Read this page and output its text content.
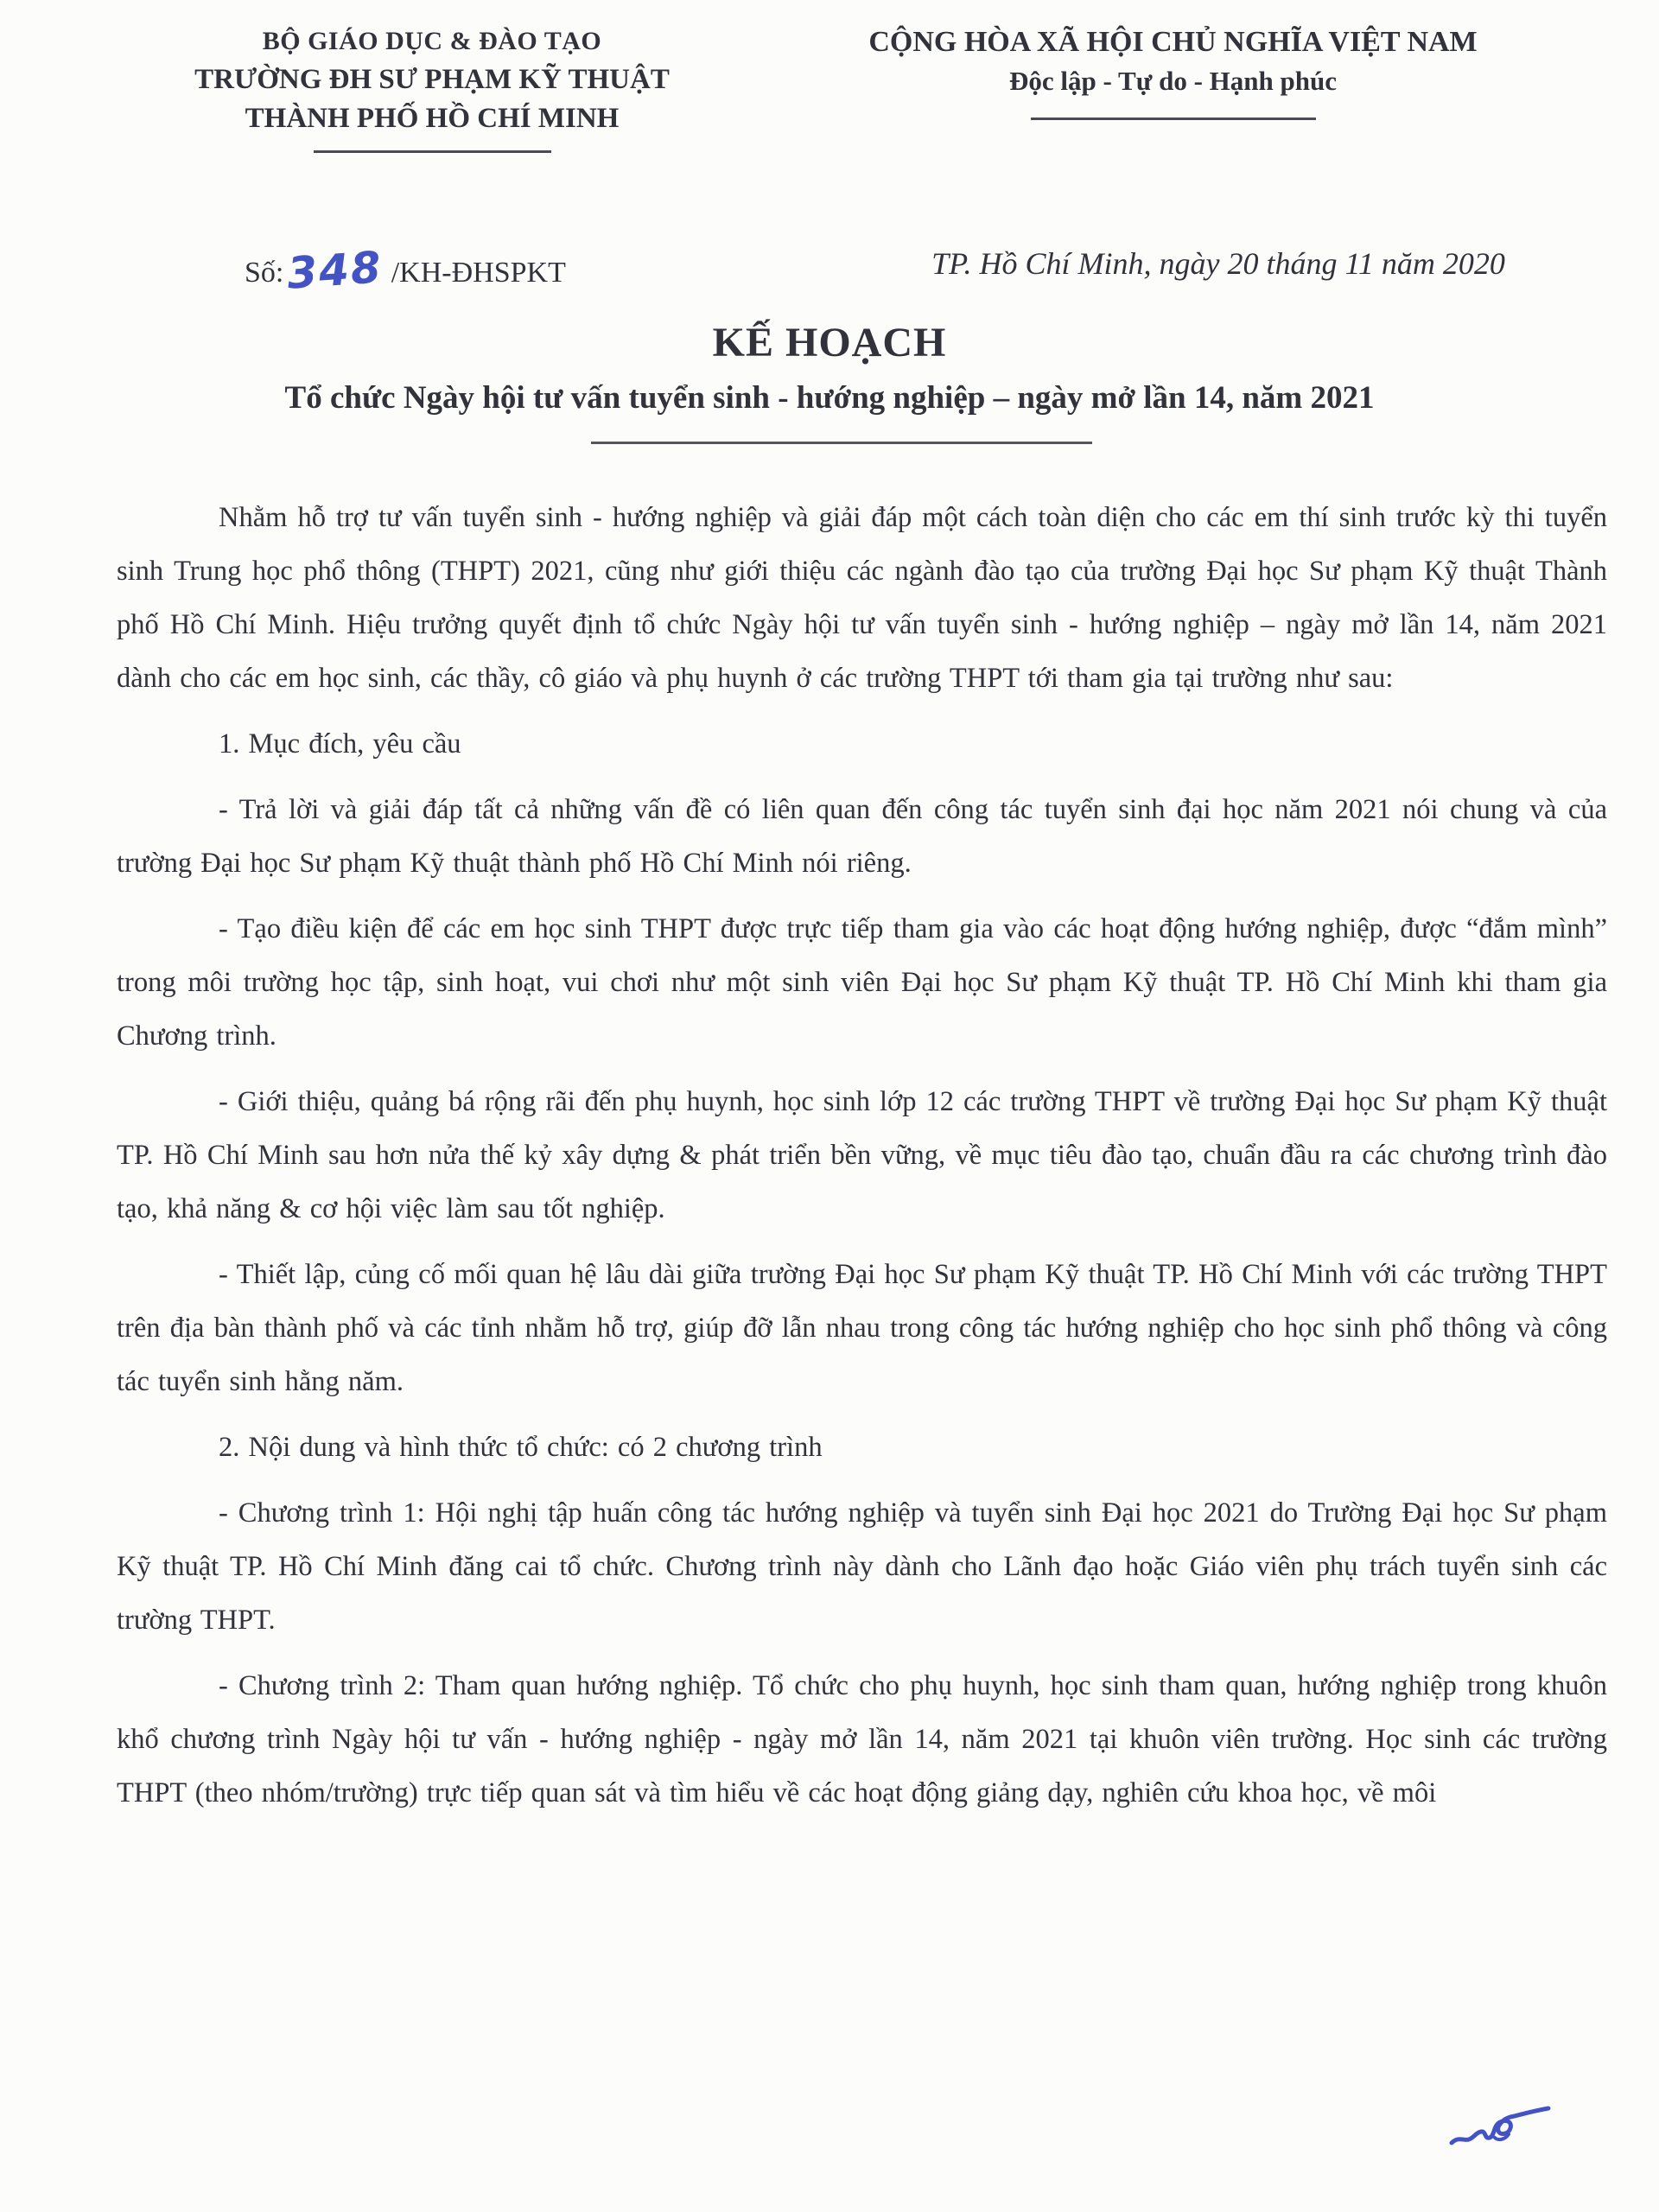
BỘ GIÁO DỤC & ĐÀO TẠO
TRƯỜNG ĐH SƯ PHẠM KỸ THUẬT
THÀNH PHỐ HỒ CHÍ MINH
CỘNG HÒA XÃ HỘI CHỦ NGHĨA VIỆT NAM
Độc lập - Tự do - Hạnh phúc
Số:348 /KH-ĐHSPKT	TP. Hồ Chí Minh, ngày 20 tháng 11 năm 2020
KẾ HOẠCH
Tổ chức Ngày hội tư vấn tuyển sinh - hướng nghiệp – ngày mở lần 14, năm 2021

Nhằm hỗ trợ tư vấn tuyển sinh - hướng nghiệp và giải đáp một cách toàn diện cho các em thí sinh trước kỳ thi tuyển sinh Trung học phổ thông (THPT) 2021, cũng như giới thiệu các ngành đào tạo của trường Đại học Sư phạm Kỹ thuật Thành phố Hồ Chí Minh. Hiệu trưởng quyết định tổ chức Ngày hội tư vấn tuyển sinh - hướng nghiệp – ngày mở lần 14, năm 2021 dành cho các em học sinh, các thầy, cô giáo và phụ huynh ở các trường THPT tới tham gia tại trường như sau:

1. Mục đích, yêu cầu

- Trả lời và giải đáp tất cả những vấn đề có liên quan đến công tác tuyển sinh đại học năm 2021 nói chung và của trường Đại học Sư phạm Kỹ thuật thành phố Hồ Chí Minh nói riêng.

- Tạo điều kiện để các em học sinh THPT được trực tiếp tham gia vào các hoạt động hướng nghiệp, được “đắm mình” trong môi trường học tập, sinh hoạt, vui chơi như một sinh viên Đại học Sư phạm Kỹ thuật TP. Hồ Chí Minh khi tham gia Chương trình.

- Giới thiệu, quảng bá rộng rãi đến phụ huynh, học sinh lớp 12 các trường THPT về trường Đại học Sư phạm Kỹ thuật TP. Hồ Chí Minh sau hơn nửa thế kỷ xây dựng & phát triển bền vững, về mục tiêu đào tạo, chuẩn đầu ra các chương trình đào tạo, khả năng & cơ hội việc làm sau tốt nghiệp.

- Thiết lập, củng cố mối quan hệ lâu dài giữa trường Đại học Sư phạm Kỹ thuật TP. Hồ Chí Minh với các trường THPT trên địa bàn thành phố và các tỉnh nhằm hỗ trợ, giúp đỡ lẫn nhau trong công tác hướng nghiệp cho học sinh phổ thông và công tác tuyển sinh hằng năm.

2. Nội dung và hình thức tổ chức: có 2 chương trình

- Chương trình 1: Hội nghị tập huấn công tác hướng nghiệp và tuyển sinh Đại học 2021 do Trường Đại học Sư phạm Kỹ thuật TP. Hồ Chí Minh đăng cai tổ chức. Chương trình này dành cho Lãnh đạo hoặc Giáo viên phụ trách tuyển sinh các trường THPT.

- Chương trình 2: Tham quan hướng nghiệp. Tổ chức cho phụ huynh, học sinh tham quan, hướng nghiệp trong khuôn khổ chương trình Ngày hội tư vấn - hướng nghiệp - ngày mở lần 14, năm 2021 tại khuôn viên trường. Học sinh các trường THPT (theo nhóm/trường) trực tiếp quan sát và tìm hiểu về các hoạt động giảng dạy, nghiên cứu khoa học, về môi
